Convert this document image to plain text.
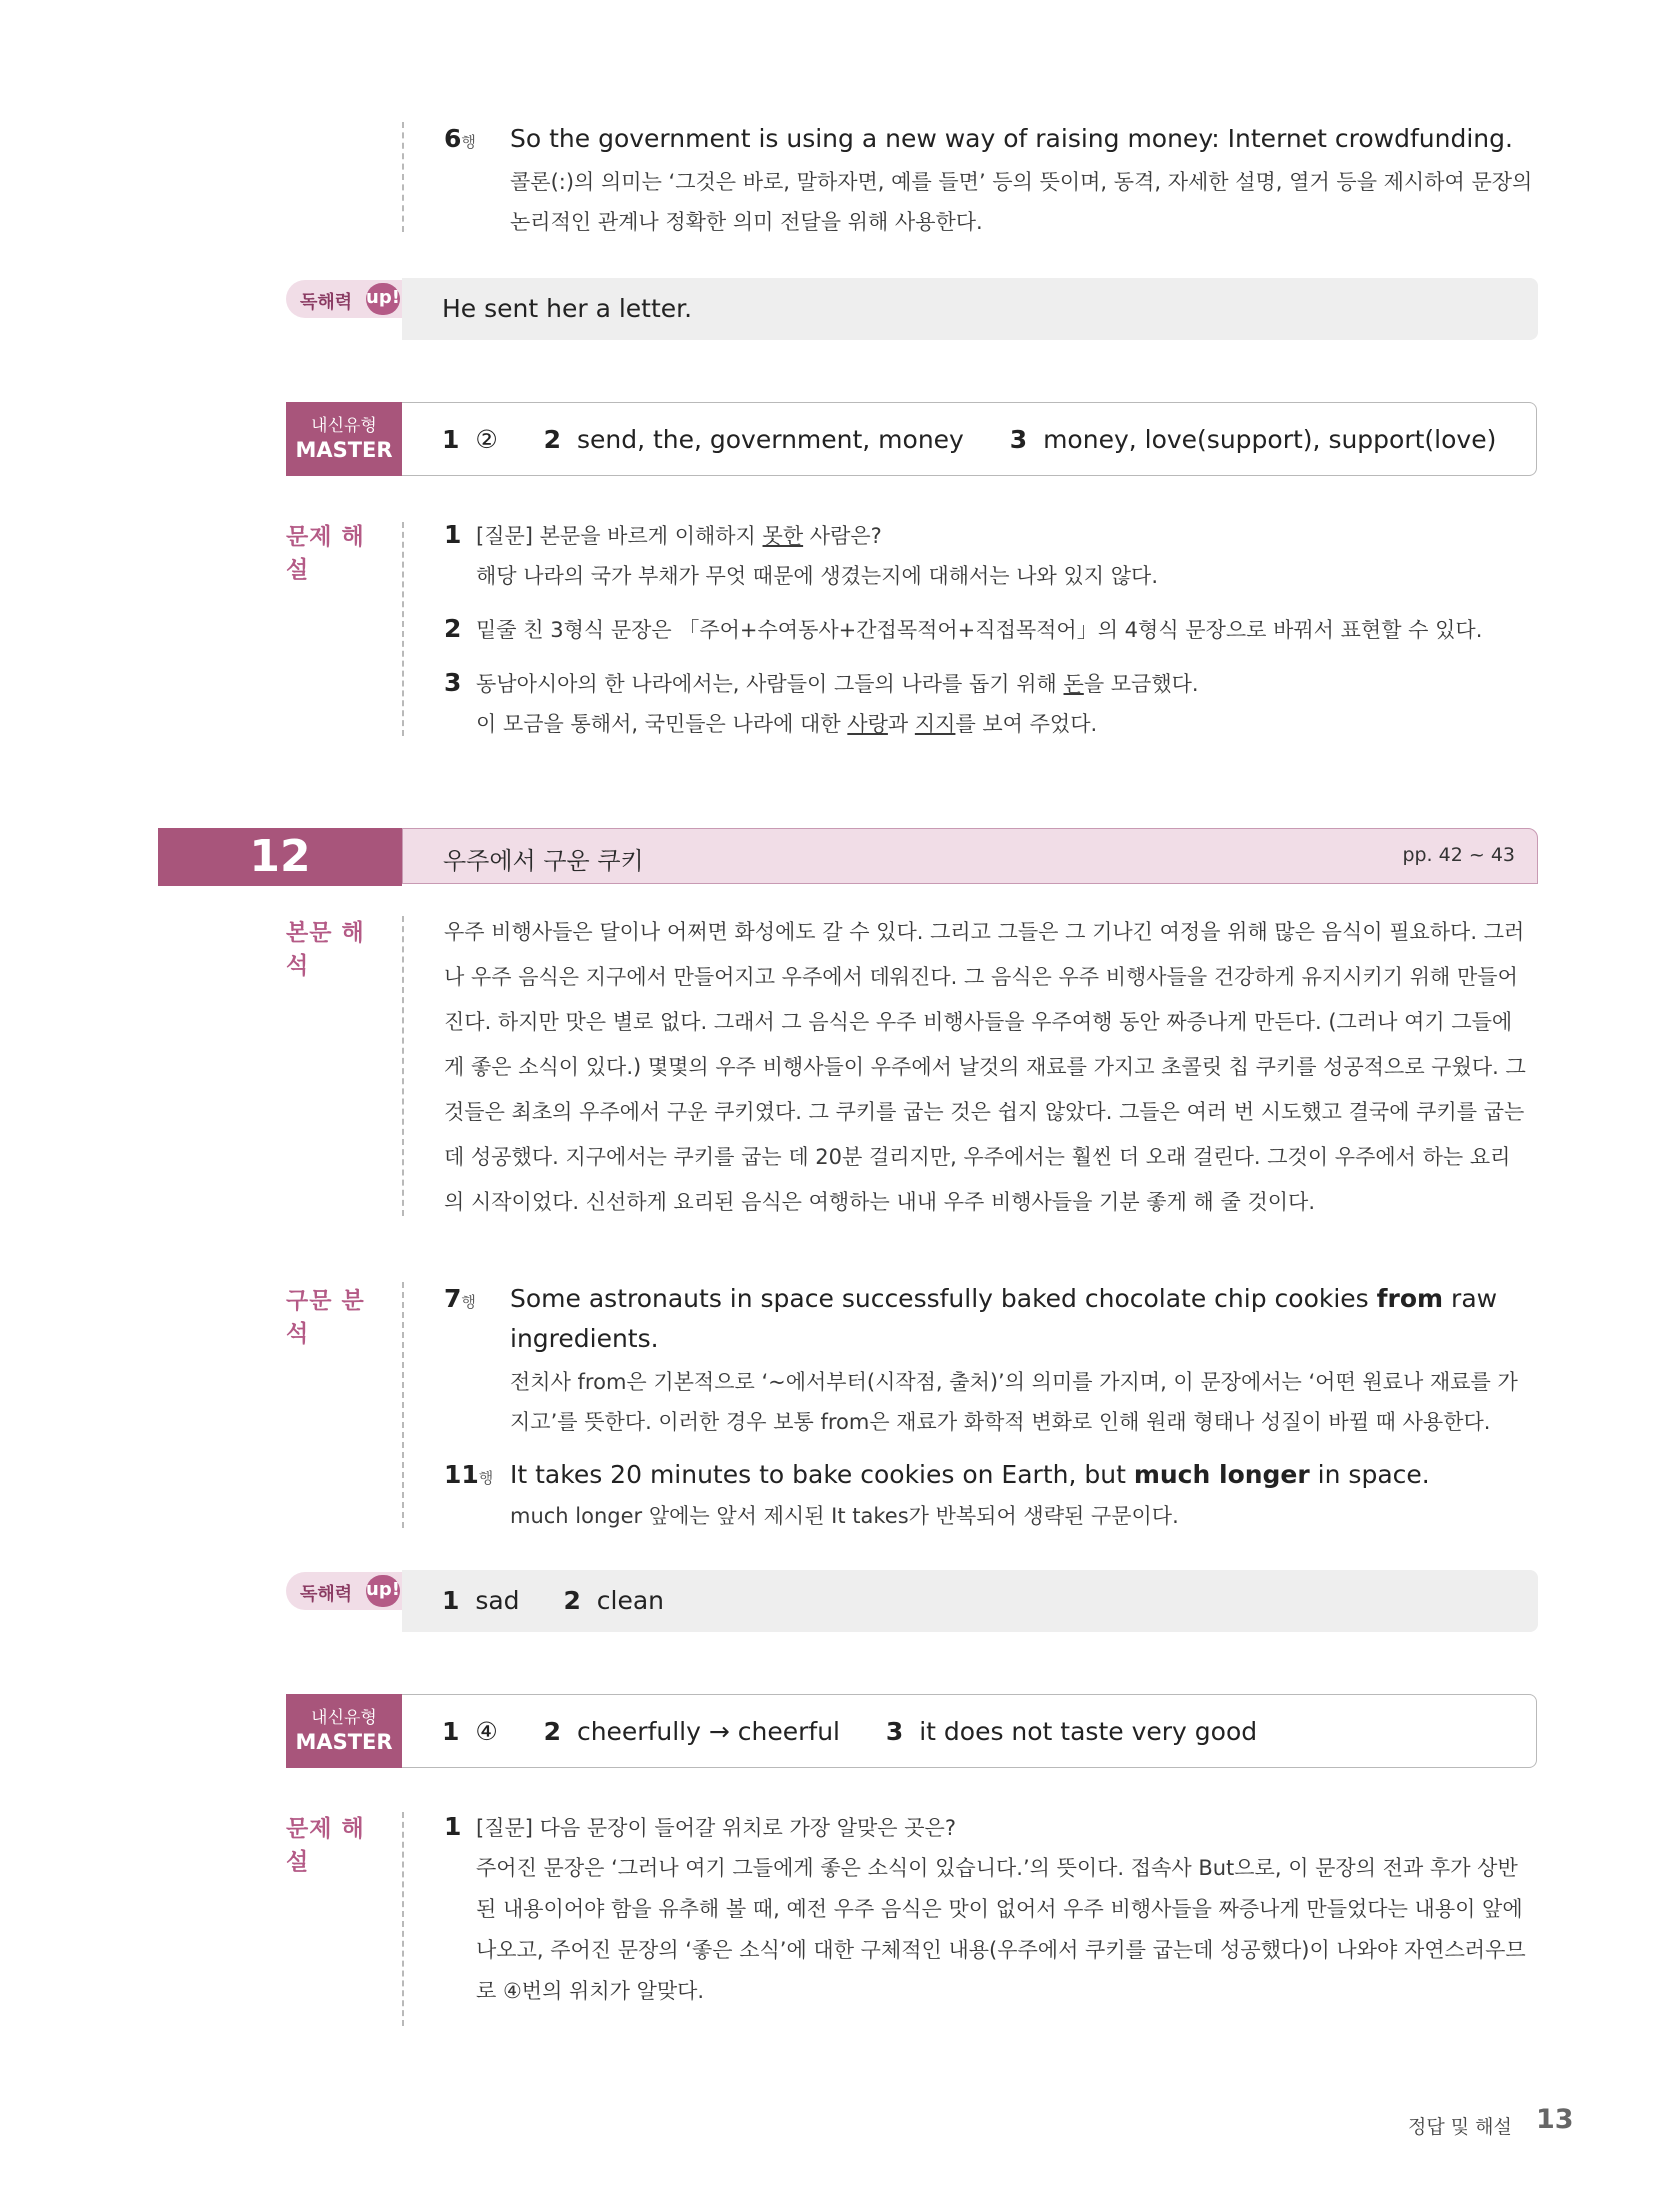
6행 So the government is using a new way of raising money: Internet crowdfunding.
콜론(:)의 의미는 ‘그것은 바로, 말하자면, 예를 들면’ 등의 뜻이며, 동격, 자세한 설명, 열거 등을 제시하여 문장의
논리적인 관계나 정확한 의미 전달을 위해 사용한다.
독해력 up! He sent her a letter.
내신유형
MASTER	1 ② 2 send, the, government, money 3 money, love(support), support(love)
문제 해설
1 [질문] 본문을 바르게 이해하지 못한 사람은?
해당 나라의 국가 부채가 무엇 때문에 생겼는지에 대해서는 나와 있지 않다.
2 밑줄 친 3형식 문장은 「주어+수여동사+간접목적어+직접목적어」의 4형식 문장으로 바꿔서 표현할 수 있다.
3 동남아시아의 한 나라에서는, 사람들이 그들의 나라를 돕기 위해 돈을 모금했다.
이 모금을 통해서, 국민들은 나라에 대한 사랑과 지지를 보여 주었다.
12	우주에서 구운 쿠키	pp. 42 ~ 43
본문 해석
우주 비행사들은 달이나 어쩌면 화성에도 갈 수 있다. 그리고 그들은 그 기나긴 여정을 위해 많은 음식이 필요하다. 그러
나 우주 음식은 지구에서 만들어지고 우주에서 데워진다. 그 음식은 우주 비행사들을 건강하게 유지시키기 위해 만들어
진다. 하지만 맛은 별로 없다. 그래서 그 음식은 우주 비행사들을 우주여행 동안 짜증나게 만든다. (그러나 여기 그들에
게 좋은 소식이 있다.) 몇몇의 우주 비행사들이 우주에서 날것의 재료를 가지고 초콜릿 칩 쿠키를 성공적으로 구웠다. 그
것들은 최초의 우주에서 구운 쿠키였다. 그 쿠키를 굽는 것은 쉽지 않았다. 그들은 여러 번 시도했고 결국에 쿠키를 굽는
데 성공했다. 지구에서는 쿠키를 굽는 데 20분 걸리지만, 우주에서는 훨씬 더 오래 걸린다. 그것이 우주에서 하는 요리
의 시작이었다. 신선하게 요리된 음식은 여행하는 내내 우주 비행사들을 기분 좋게 해 줄 것이다.
구문 분석
7행 Some astronauts in space successfully baked chocolate chip cookies from raw
ingredients.
전치사 from은 기본적으로 ‘~에서부터(시작점, 출처)’의 의미를 가지며, 이 문장에서는 ‘어떤 원료나 재료를 가
지고’를 뜻한다. 이러한 경우 보통 from은 재료가 화학적 변화로 인해 원래 형태나 성질이 바뀔 때 사용한다.
11행 It takes 20 minutes to bake cookies on Earth, but much longer in space.
much longer 앞에는 앞서 제시된 It takes가 반복되어 생략된 구문이다.
독해력 up! 1 sad 2 clean
내신유형
MASTER	1 ④ 2 cheerfully → cheerful 3 it does not taste very good
문제 해설
1 [질문] 다음 문장이 들어갈 위치로 가장 알맞은 곳은?
주어진 문장은 ‘그러나 여기 그들에게 좋은 소식이 있습니다.’의 뜻이다. 접속사 But으로, 이 문장의 전과 후가 상반
된 내용이어야 함을 유추해 볼 때, 예전 우주 음식은 맛이 없어서 우주 비행사들을 짜증나게 만들었다는 내용이 앞에
나오고, 주어진 문장의 ‘좋은 소식’에 대한 구체적인 내용(우주에서 쿠키를 굽는데 성공했다)이 나와야 자연스러우므
로 ④번의 위치가 알맞다.
정답 및 해설 13
